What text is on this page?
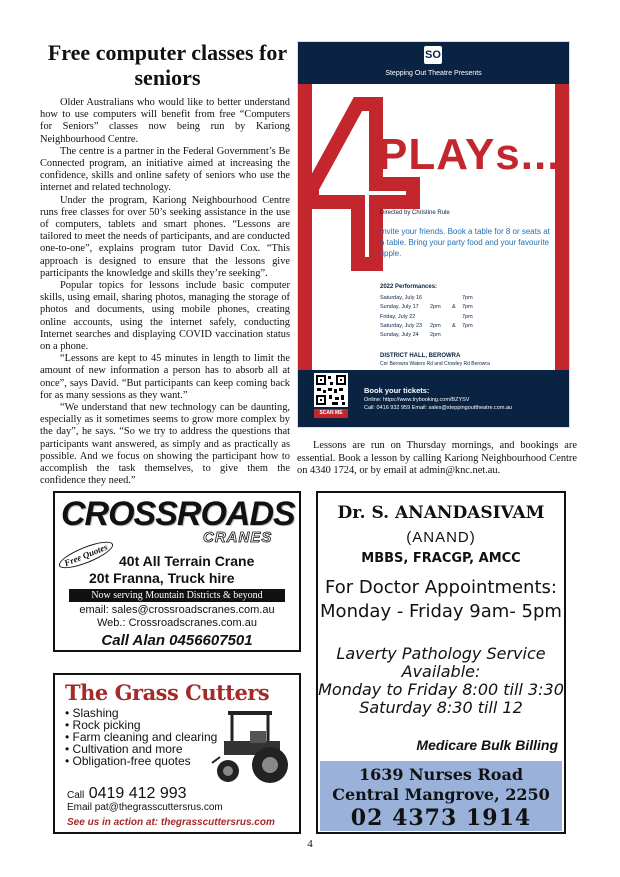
Free computer classes for seniors

Older Australians who would like to better understand how to use computers will benefit from free “Computers for Seniors” classes now being run by Kariong Neighbourhood Centre.

The centre is a partner in the Federal Government’s Be Connected program, an initiative aimed at increasing the confidence, skills and online safety of seniors who use the internet and related technology.

Under the program, Kariong Neighbourhood Centre runs free classes for over 50’s seeking assistance in the use of computers, tablets and smart phones. “Lessons are tailored to meet the needs of participants, and are conducted one-to-one”, explains program tutor David Cox. “This approach is designed to ensure that the lessons give participants the knowledge and skills they’re seeking”.

Popular topics for lessons include basic computer skills, using email, sharing photos, managing the storage of photos and documents, using mobile phones, creating online accounts, using the internet safely, conducting Internet searches and displaying COVID vaccination status on a phone.

“Lessons are kept to 45 minutes in length to limit the amount of new information a person has to absorb all at once”, says David. “But participants can keep coming back for as many sessions as they want.”

“We understand that new technology can be daunting, especially as it sometimes seems to grow more complex by the day”, he says. “So we try to address the questions that participants want answered, as simply and as practically as possible. And we focus on showing the participant how to accomplish the task themselves, to give them the confidence they need.”

Lessons are run on Thursday mornings, and bookings are essential. Book a lesson by calling Kariong Neighbourhood Centre on 4340 1724, or by email at admin@knc.net.au.

SO
Stepping Out Theatre Presents
4
PLAYs...
Directed by Christine Rule
Invite your friends. Book a table for 8 or seats at a table. Bring your party food and your favourite tipple.
2022 Performances:
Saturday, July 16	7pm
Sunday, July 17	2pm	&	7pm
Friday, July 22	7pm
Saturday, July 23	2pm	&	7pm
Sunday, July 24	2pm
DISTRICT HALL, BEROWRA
Cnr Berowra Waters Rd and Crowley Rd Berowra
SCAN ME
Book your tickets:
Online: https://www.trybooking.com/BZYSV
Call: 0416 932 959 Email: sales@steppingouttheatre.com.au
CROSSROADS
CRANES
Free Quotes 40t All Terrain Crane
20t Franna, Truck hire
Now serving Mountain Districts & beyond
email: sales@crossroadscranes.com.au
Web.: Crossroadscranes.com.au
Call Alan 0456607501
The Grass Cutters
• Slashing
• Rock picking
• Farm cleaning and clearing
• Cultivation and more
• Obligation-free quotes
Call 0419 412 993
Email pat@thegrasscuttersrus.com
See us in action at: thegrasscuttersrus.com
Dr. S. ANANDASIVAM
(ANAND)
MBBS, FRACGP, AMCC
For Doctor Appointments:
Monday - Friday 9am- 5pm
Laverty Pathology Service
Available:
Monday to Friday 8:00 till 3:30
Saturday 8:30 till 12
Medicare Bulk Billing
1639 Nurses Road
Central Mangrove, 2250
02 4373 1914
4
